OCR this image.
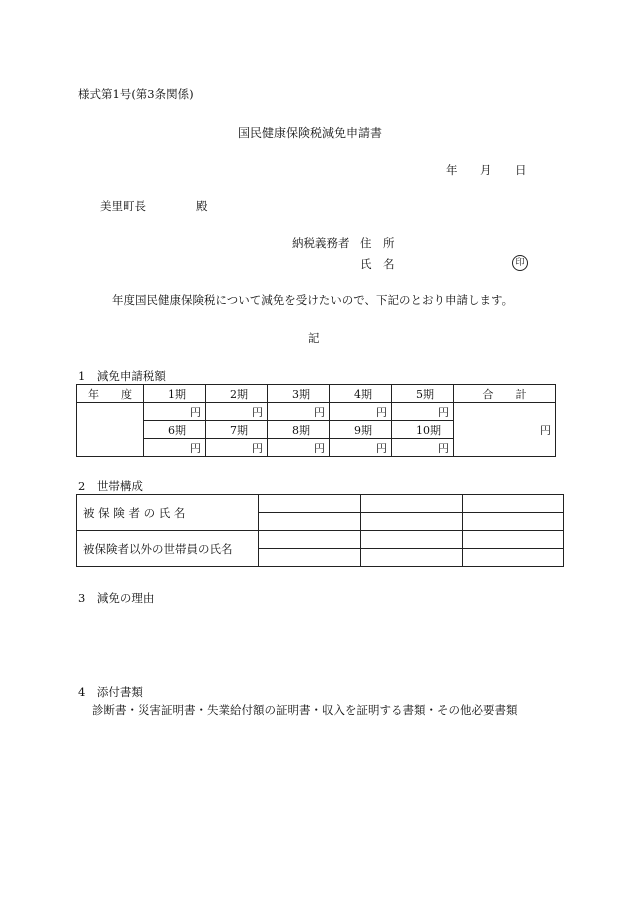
様式第1号(第3条関係)
国民健康保険税減免申請書
年 月 日
美里町長	殿
納税義務者 住　所
氏　名	印
年度国民健康保険税について減免を受けたいので、下記のとおり申請します。
記
1　減免申請税額
年　　度	1期	2期	3期	4期	5期	合　　計
	円	円	円	円	円	円
	6期	7期	8期	9期	10期	
	円	円	円	円	円	
2　世帯構成
被 保 険 者 の 氏 名			

被保険者以外の世帯員の氏名			

3　減免の理由
4　添付書類
診断書・災害証明書・失業給付額の証明書・収入を証明する書類・その他必要書類
